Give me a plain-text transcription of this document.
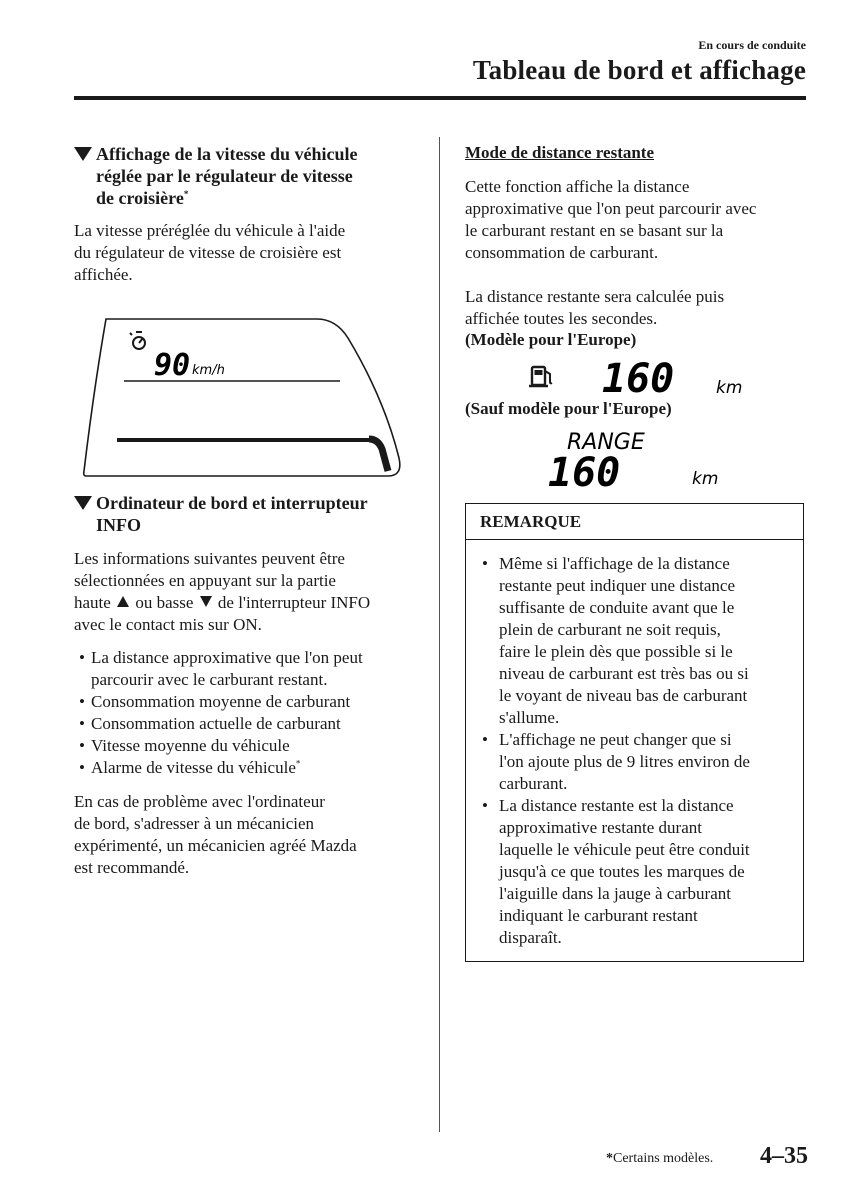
En cours de conduite
Tableau de bord et affichage
Affichage de la vitesse du véhicule
réglée par le régulateur de vitesse
de croisière*
La vitesse préréglée du véhicule à l'aide
du régulateur de vitesse de croisière est
affichée.
90 km/h
Ordinateur de bord et interrupteur
INFO
Les informations suivantes peuvent être
sélectionnées en appuyant sur la partie
haute ou basse de l'interrupteur INFO
avec le contact mis sur ON.
• La distance approximative que l'on peut
parcourir avec le carburant restant.
• Consommation moyenne de carburant
• Consommation actuelle de carburant
• Vitesse moyenne du véhicule
• Alarme de vitesse du véhicule*
En cas de problème avec l'ordinateur
de bord, s'adresser à un mécanicien
expérimenté, un mécanicien agréé Mazda
est recommandé.
Mode de distance restante
Cette fonction affiche la distance
approximative que l'on peut parcourir avec
le carburant restant en se basant sur la
consommation de carburant.
La distance restante sera calculée puis
affichée toutes les secondes.
(Modèle pour l'Europe)
160 km
(Sauf modèle pour l'Europe)
RANGE
160	km
REMARQUE
• Même si l'affichage de la distance
restante peut indiquer une distance
suffisante de conduite avant que le
plein de carburant ne soit requis,
faire le plein dès que possible si le
niveau de carburant est très bas ou si
le voyant de niveau bas de carburant
s'allume.
• L'affichage ne peut changer que si
l'on ajoute plus de 9 litres environ de
carburant.
• La distance restante est la distance
approximative restante durant
laquelle le véhicule peut être conduit
jusqu'à ce que toutes les marques de
l'aiguille dans la jauge à carburant
indiquant le carburant restant
disparaît.
*Certains modèles. 4–35
